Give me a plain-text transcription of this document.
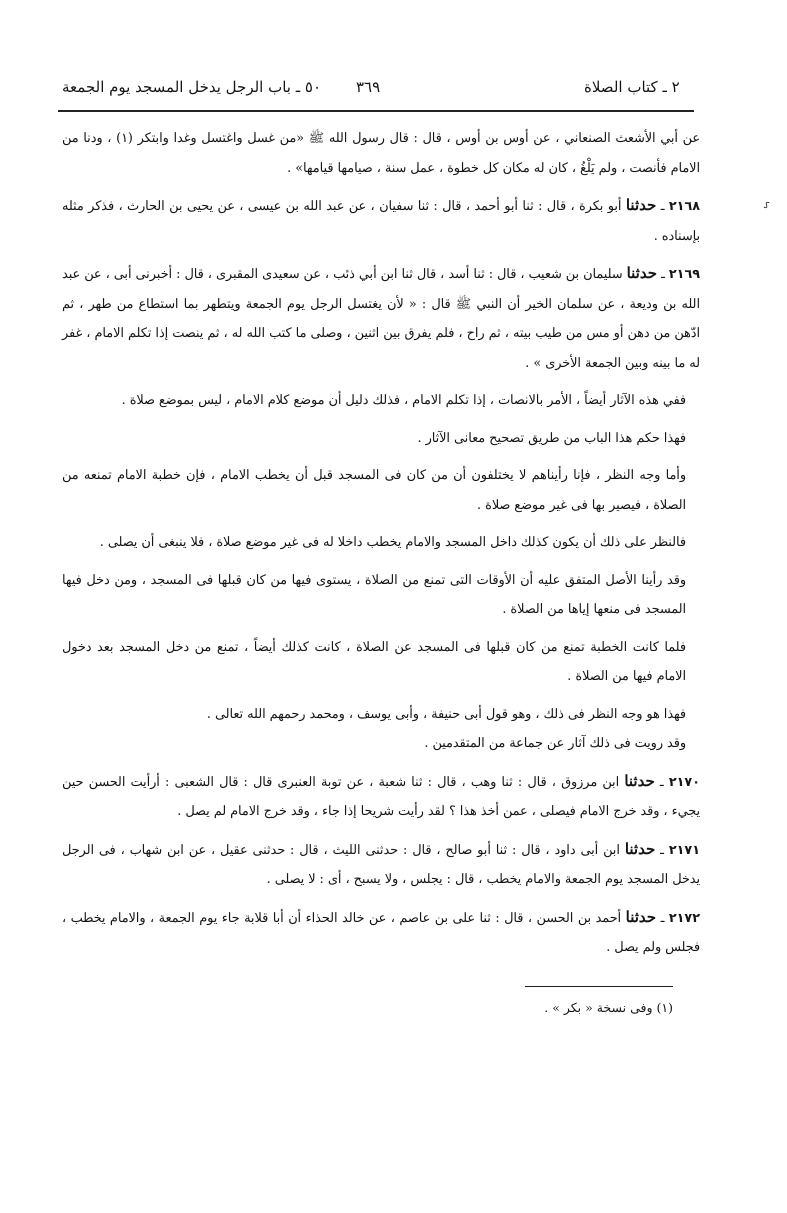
٥٠ ـ باب الرجل يدخل المسجد يوم الجمعة ٣٦٩	٢ ـ كتاب الصلاة
⸉

عن أبي الأشعث الصنعاني ، عن أوس بن أوس ، قال : قال رسول الله ﷺ «من غسل واغتسل وغدا وابتكر (١) ، ودنا من الامام فأنصت ، ولم يَلْغُ ، كان له مكان كل خطوة ، عمل سنة ، صيامها قيامها» .

٢١٦٨ ـ حدثنا أبو بكرة ، قال : ثنا أبو أحمد ، قال : ثنا سفيان ، عن عبد الله بن عيسى ، عن يحيى بن الحارث ، فذكر مثله بإسناده .

٢١٦٩ ـ حدثنا سليمان بن شعيب ، قال : ثنا أسد ، قال ثنا ابن أبي ذئب ، عن سعيدى المقبرى ، قال : أخبرنى أبى ، عن عبد الله بن وديعة ، عن سلمان الخير أن النبي ﷺ قال : « لأن يغتسل الرجل يوم الجمعة ويتطهر بما استطاع من طهر ، ثم ادّهن من دهن أو مس من طيب بيته ، ثم راح ، فلم يفرق بين اثنين ، وصلى ما كتب الله له ، ثم ينصت إذا تكلم الامام ، غفر له ما بينه وبين الجمعة الأخرى » .

ففي هذه الآثار أيضاً ، الأمر بالانصات ، إذا تكلم الامام ، فذلك دليل أن موضع كلام الامام ، ليس بموضع صلاة .

فهذا حكم هذا الباب من طريق تصحيح معانى الآثار .

وأما وجه النظر ، فإنا رأيناهم لا يختلفون أن من كان فى المسجد قبل أن يخطب الامام ، فإن خطبة الامام تمنعه من الصلاة ، فيصير بها فى غير موضع صلاة .

فالنظر على ذلك أن يكون كذلك داخل المسجد والامام يخطب داخلا له فى غير موضع صلاة ، فلا ينبغى أن يصلى .

وقد رأينا الأصل المتفق عليه أن الأوقات التى تمنع من الصلاة ، يستوى فيها من كان قبلها فى المسجد ، ومن دخل فيها المسجد فى منعها إياها من الصلاة .

فلما كانت الخطبة تمنع من كان قبلها فى المسجد عن الصلاة ، كانت كذلك أيضاً ، تمنع من دخل المسجد بعد دخول الامام فيها من الصلاة .

فهذا هو وجه النظر فى ذلك ، وهو قول أبى حنيفة ، وأبى يوسف ، ومحمد رحمهم الله تعالى .

وقد رويت فى ذلك آثار عن جماعة من المتقدمين .

٢١٧٠ ـ حدثنا ابن مرزوق ، قال : ثنا وهب ، قال : ثنا شعبة ، عن توبة العنبرى قال : قال الشعبى : أرأيت الحسن حين يجيء ، وقد خرج الامام فيصلى ، عمن أخذ هذا ؟ لقد رأيت شريحا إذا جاء ، وقد خرج الامام لم يصل .

٢١٧١ ـ حدثنا ابن أبى داود ، قال : ثنا أبو صالح ، قال : حدثنى الليث ، قال : حدثنى عقيل ، عن ابن شهاب ، فى الرجل يدخل المسجد يوم الجمعة والامام يخطب ، قال : يجلس ، ولا يسبح ، أى : لا يصلى .

٢١٧٢ ـ حدثنا أحمد بن الحسن ، قال : ثنا على بن عاصم ، عن خالد الحذاء أن أبا قلابة جاء يوم الجمعة ، والامام يخطب ، فجلس ولم يصل .

(١) وفى نسخة « بكر » .
